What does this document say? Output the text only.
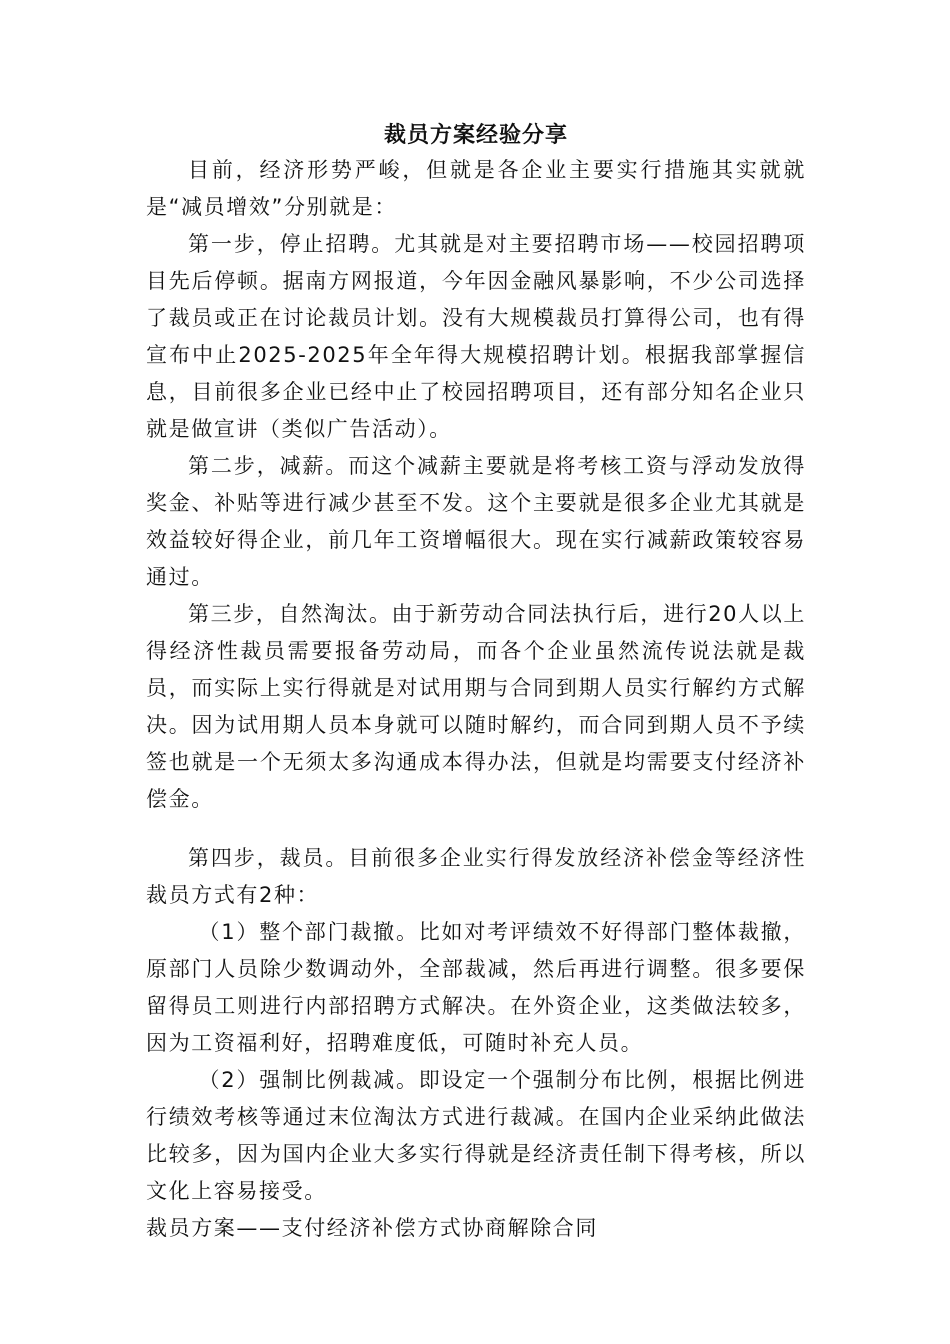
裁员方案经验分享

目前，经济形势严峻，但就是各企业主要实行措施其实就就是“减员增效”分别就是：

第一步，停止招聘。尤其就是对主要招聘市场——校园招聘项目先后停顿。据南方网报道，今年因金融风暴影响，不少公司选择了裁员或正在讨论裁员计划。没有大规模裁员打算得公司，也有得宣布中止2025-2025年全年得大规模招聘计划。根据我部掌握信息，目前很多企业已经中止了校园招聘项目，还有部分知名企业只就是做宣讲（类似广告活动）。

第二步，减薪。而这个减薪主要就是将考核工资与浮动发放得奖金、补贴等进行减少甚至不发。这个主要就是很多企业尤其就是效益较好得企业，前几年工资增幅很大。现在实行减薪政策较容易通过。

第三步，自然淘汰。由于新劳动合同法执行后，进行20人以上得经济性裁员需要报备劳动局，而各个企业虽然流传说法就是裁员，而实际上实行得就是对试用期与合同到期人员实行解约方式解决。因为试用期人员本身就可以随时解约，而合同到期人员不予续签也就是一个无须太多沟通成本得办法，但就是均需要支付经济补偿金。

第四步，裁员。目前很多企业实行得发放经济补偿金等经济性裁员方式有2种：

（1）整个部门裁撤。比如对考评绩效不好得部门整体裁撤，原部门人员除少数调动外，全部裁减，然后再进行调整。很多要保留得员工则进行内部招聘方式解决。在外资企业，这类做法较多，因为工资福利好，招聘难度低，可随时补充人员。

（2）强制比例裁减。即设定一个强制分布比例，根据比例进行绩效考核等通过末位淘汰方式进行裁减。在国内企业采纳此做法比较多，因为国内企业大多实行得就是经济责任制下得考核，所以文化上容易接受。

裁员方案——支付经济补偿方式协商解除合同
